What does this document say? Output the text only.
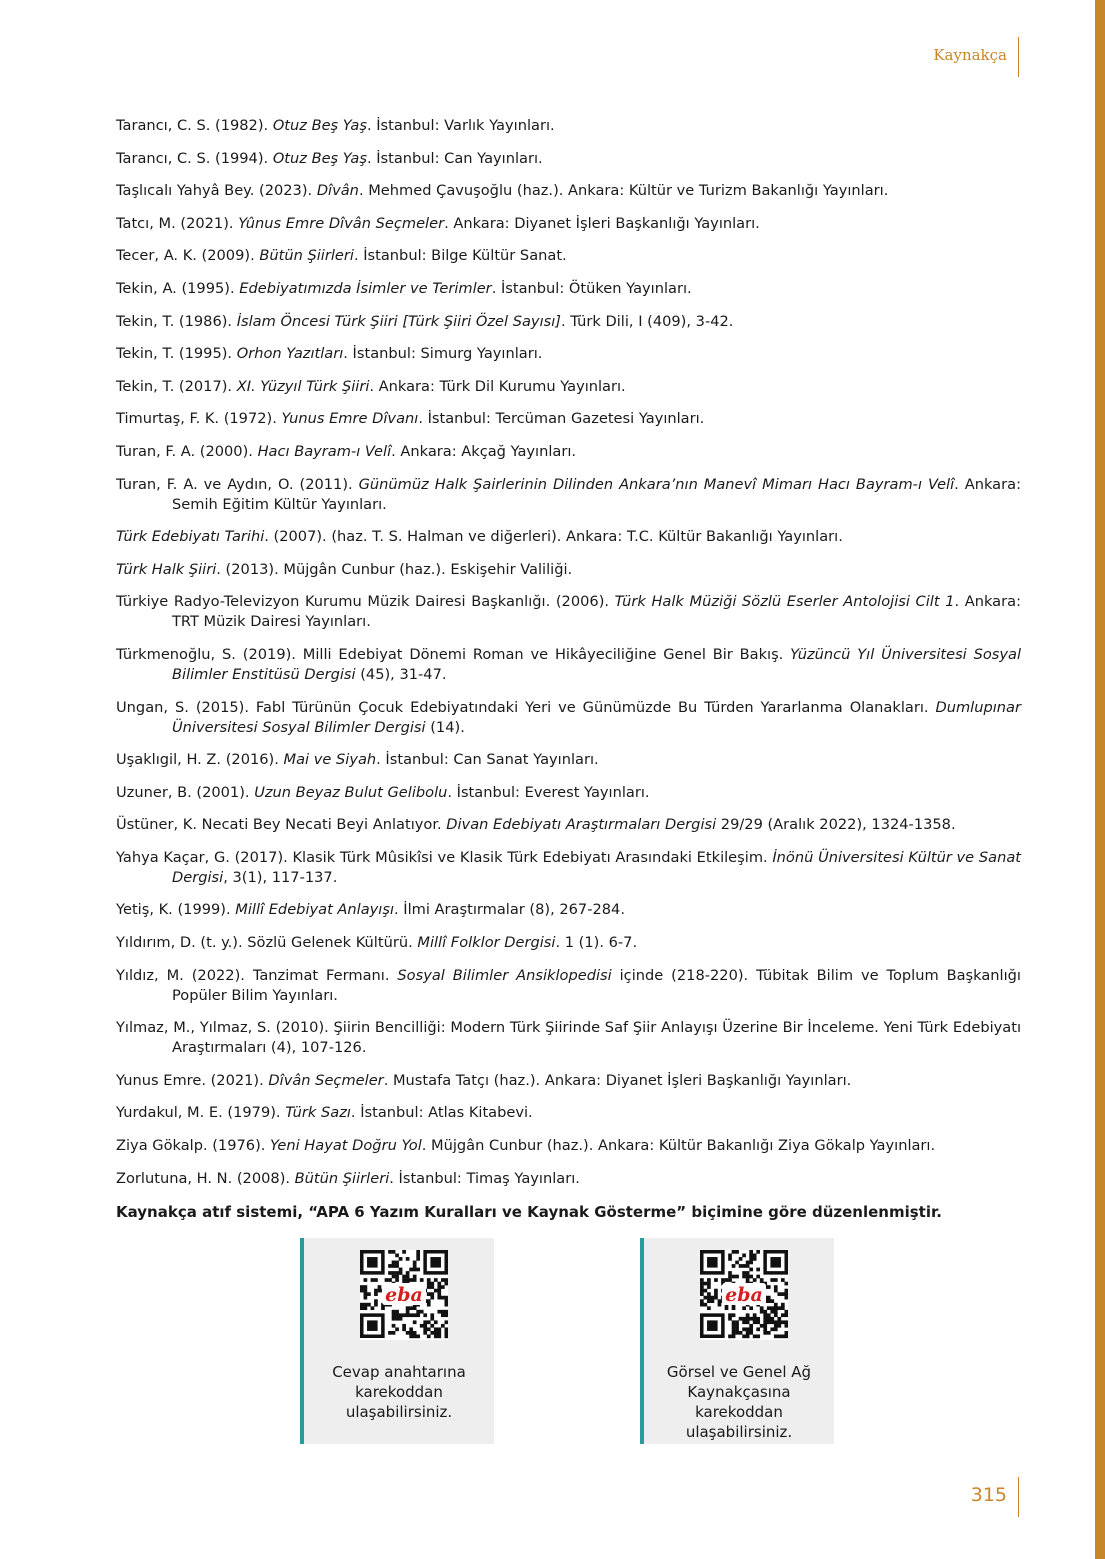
Kaynakça

Tarancı, C. S. (1982). Otuz Beş Yaş. İstanbul: Varlık Yayınları.

Tarancı, C. S. (1994). Otuz Beş Yaş. İstanbul: Can Yayınları.

Taşlıcalı Yahyâ Bey. (2023). Dîvân. Mehmed Çavuşoğlu (haz.). Ankara: Kültür ve Turizm Bakanlığı Yayınları.

Tatcı, M. (2021). Yûnus Emre Dîvân Seçmeler. Ankara: Diyanet İşleri Başkanlığı Yayınları.

Tecer, A. K. (2009). Bütün Şiirleri. İstanbul: Bilge Kültür Sanat.

Tekin, A. (1995). Edebiyatımızda İsimler ve Terimler. İstanbul: Ötüken Yayınları.

Tekin, T. (1986). İslam Öncesi Türk Şiiri [Türk Şiiri Özel Sayısı]. Türk Dili, I (409), 3-42.

Tekin, T. (1995). Orhon Yazıtları. İstanbul: Simurg Yayınları.

Tekin, T. (2017). XI. Yüzyıl Türk Şiiri. Ankara: Türk Dil Kurumu Yayınları.

Timurtaş, F. K. (1972). Yunus Emre Dîvanı. İstanbul: Tercüman Gazetesi Yayınları.

Turan, F. A. (2000). Hacı Bayram-ı Velî. Ankara: Akçağ Yayınları.

Turan, F. A. ve Aydın, O. (2011). Günümüz Halk Şairlerinin Dilinden Ankara’nın Manevî Mimarı Hacı Bayram-ı Velî. Ankara: Semih Eğitim Kültür Yayınları.

Türk Edebiyatı Tarihi. (2007). (haz. T. S. Halman ve diğerleri). Ankara: T.C. Kültür Bakanlığı Yayınları.

Türk Halk Şiiri. (2013). Müjgân Cunbur (haz.). Eskişehir Valiliği.

Türkiye Radyo-Televizyon Kurumu Müzik Dairesi Başkanlığı. (2006). Türk Halk Müziği Sözlü Eserler Antolojisi Cilt 1. Ankara: TRT Müzik Dairesi Yayınları.

Türkmenoğlu, S. (2019). Milli Edebiyat Dönemi Roman ve Hikâyeciliğine Genel Bir Bakış. Yüzüncü Yıl Üniversitesi Sosyal Bilimler Enstitüsü Dergisi (45), 31-47.

Ungan, S. (2015). Fabl Türünün Çocuk Edebiyatındaki Yeri ve Günümüzde Bu Türden Yararlanma Olanakları. Dumlupınar Üniversitesi Sosyal Bilimler Dergisi (14).

Uşaklıgil, H. Z. (2016). Mai ve Siyah. İstanbul: Can Sanat Yayınları.

Uzuner, B. (2001). Uzun Beyaz Bulut Gelibolu. İstanbul: Everest Yayınları.

Üstüner, K. Necati Bey Necati Beyi Anlatıyor. Divan Edebiyatı Araştırmaları Dergisi 29/29 (Aralık 2022), 1324-1358.

Yahya Kaçar, G. (2017). Klasik Türk Mûsikîsi ve Klasik Türk Edebiyatı Arasındaki Etkileşim. İnönü Üniversitesi Kültür ve Sanat Dergisi, 3(1), 117-137.

Yetiş, K. (1999). Millî Edebiyat Anlayışı. İlmi Araştırmalar (8), 267-284.

Yıldırım, D. (t. y.). Sözlü Gelenek Kültürü. Millî Folklor Dergisi. 1 (1). 6-7.

Yıldız, M. (2022). Tanzimat Fermanı. Sosyal Bilimler Ansiklopedisi içinde (218-220). Tübitak Bilim ve Toplum Başkanlığı Popüler Bilim Yayınları.

Yılmaz, M., Yılmaz, S. (2010). Şiirin Bencilliği: Modern Türk Şiirinde Saf Şiir Anlayışı Üzerine Bir İnceleme. Yeni Türk Edebiyatı Araştırmaları (4), 107-126.

Yunus Emre. (2021). Dîvân Seçmeler. Mustafa Tatçı (haz.). Ankara: Diyanet İşleri Başkanlığı Yayınları.

Yurdakul, M. E. (1979). Türk Sazı. İstanbul: Atlas Kitabevi.

Ziya Gökalp. (1976). Yeni Hayat Doğru Yol. Müjgân Cunbur (haz.). Ankara: Kültür Bakanlığı Ziya Gökalp Yayınları.

Zorlutuna, H. N. (2008). Bütün Şiirleri. İstanbul: Timaş Yayınları.

Kaynakça atıf sistemi, “APA 6 Yazım Kuralları ve Kaynak Gösterme” biçimine göre düzenlenmiştir.
eba
Cevap anahtarına karekoddan ulaşabilirsiniz.
eba
Görsel ve Genel Ağ Kaynakçasına karekoddan ulaşabilirsiniz.
315
